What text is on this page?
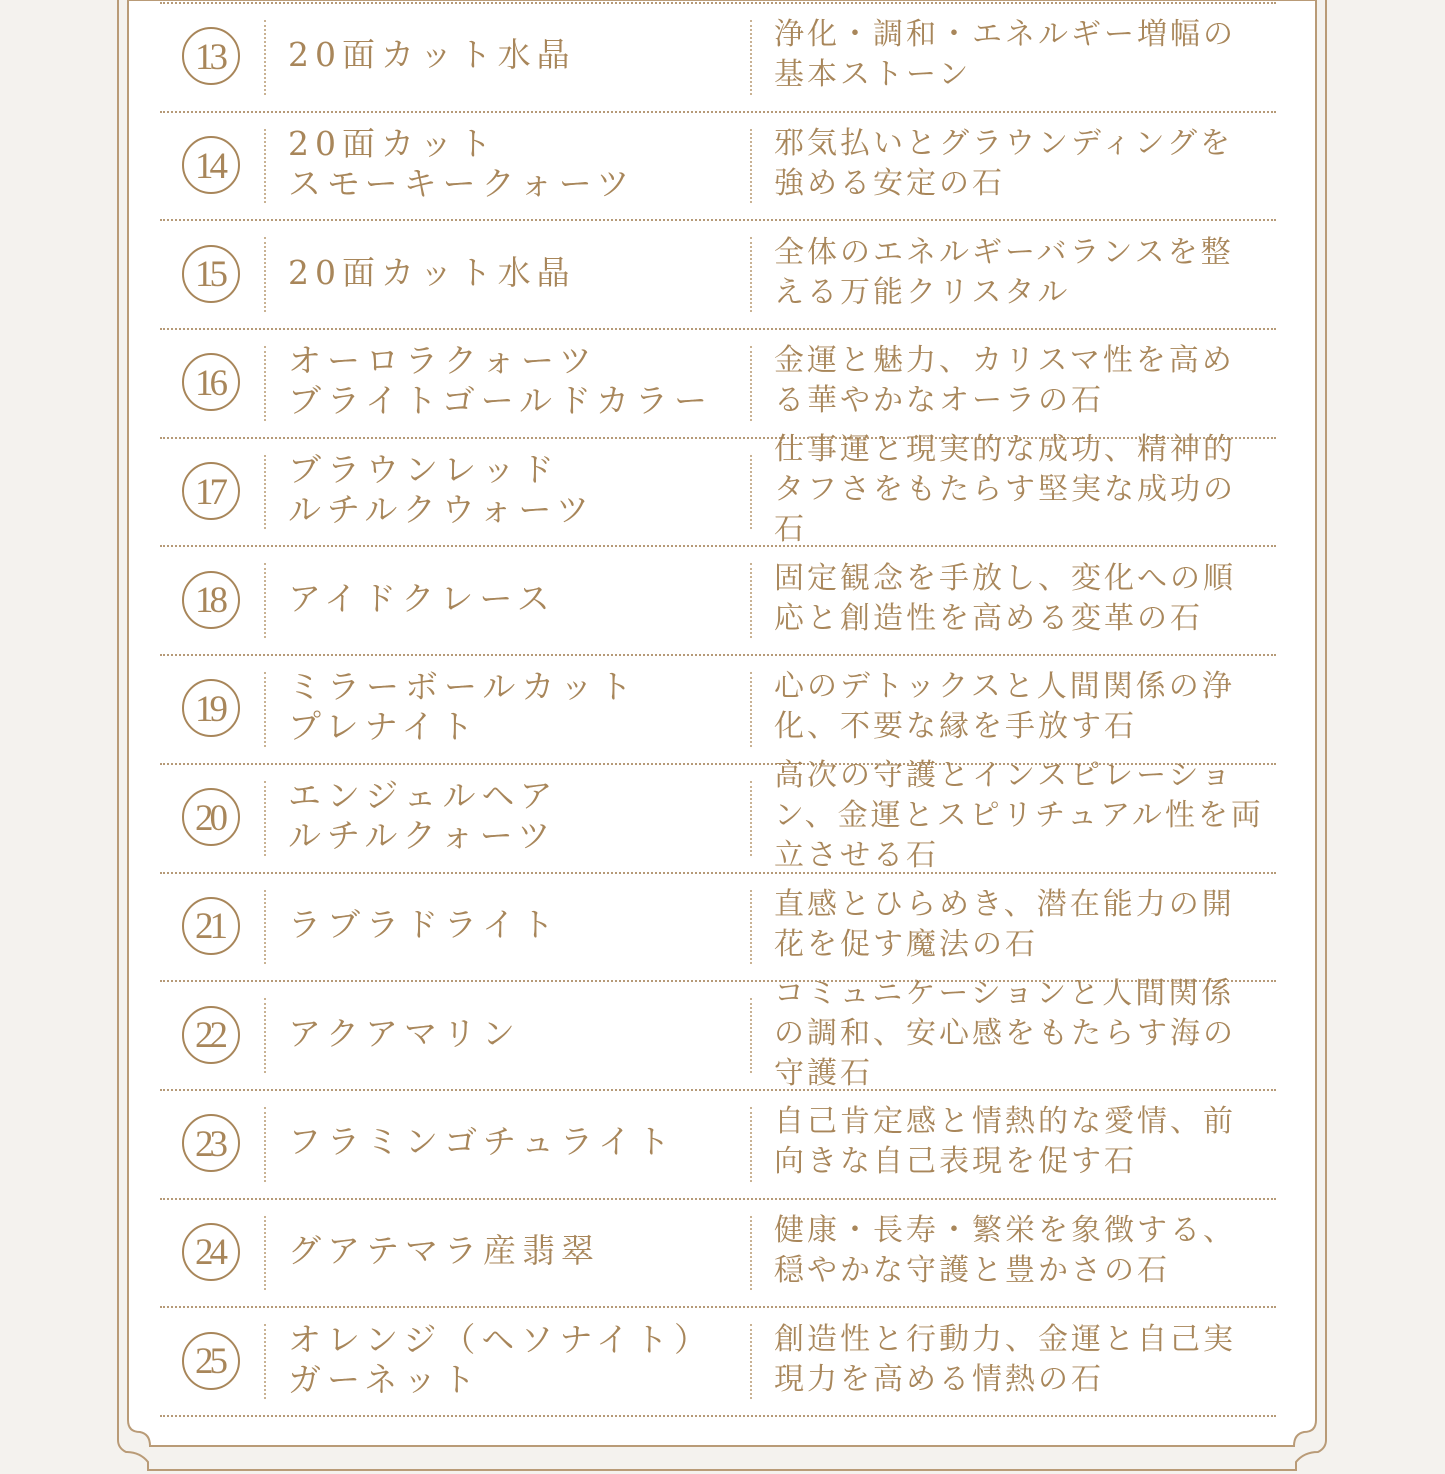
13 20面カット水晶
浄化・調和・エネルギー増幅の基本ストーン
14
20面カット
スモーキークォーツ
邪気払いとグラウンディングを強める安定の石
15 20面カット水晶
全体のエネルギーバランスを整える万能クリスタル
16
オーロラクォーツ
ブライトゴールドカラー
金運と魅力、カリスマ性を高める華やかなオーラの石
17
ブラウンレッド
ルチルクウォーツ
仕事運と現実的な成功、精神的タフさをもたらす堅実な成功の石
18 アイドクレース
固定観念を手放し、変化への順応と創造性を高める変革の石
19
ミラーボールカット
プレナイト
心のデトックスと人間関係の浄化、不要な縁を手放す石
20
エンジェルヘア
ルチルクォーツ
高次の守護とインスピレーション、金運とスピリチュアル性を両立させる石
21 ラブラドライト
直感とひらめき、潜在能力の開花を促す魔法の石
22 アクアマリン
コミュニケーションと人間関係の調和、安心感をもたらす海の守護石
23 フラミンゴチュライト
自己肯定感と情熱的な愛情、前向きな自己表現を促す石
24 グアテマラ産翡翠
健康・長寿・繁栄を象徴する、穏やかな守護と豊かさの石
25
オレンジ（ヘソナイト）
ガーネット
創造性と行動力、金運と自己実現力を高める情熱の石
